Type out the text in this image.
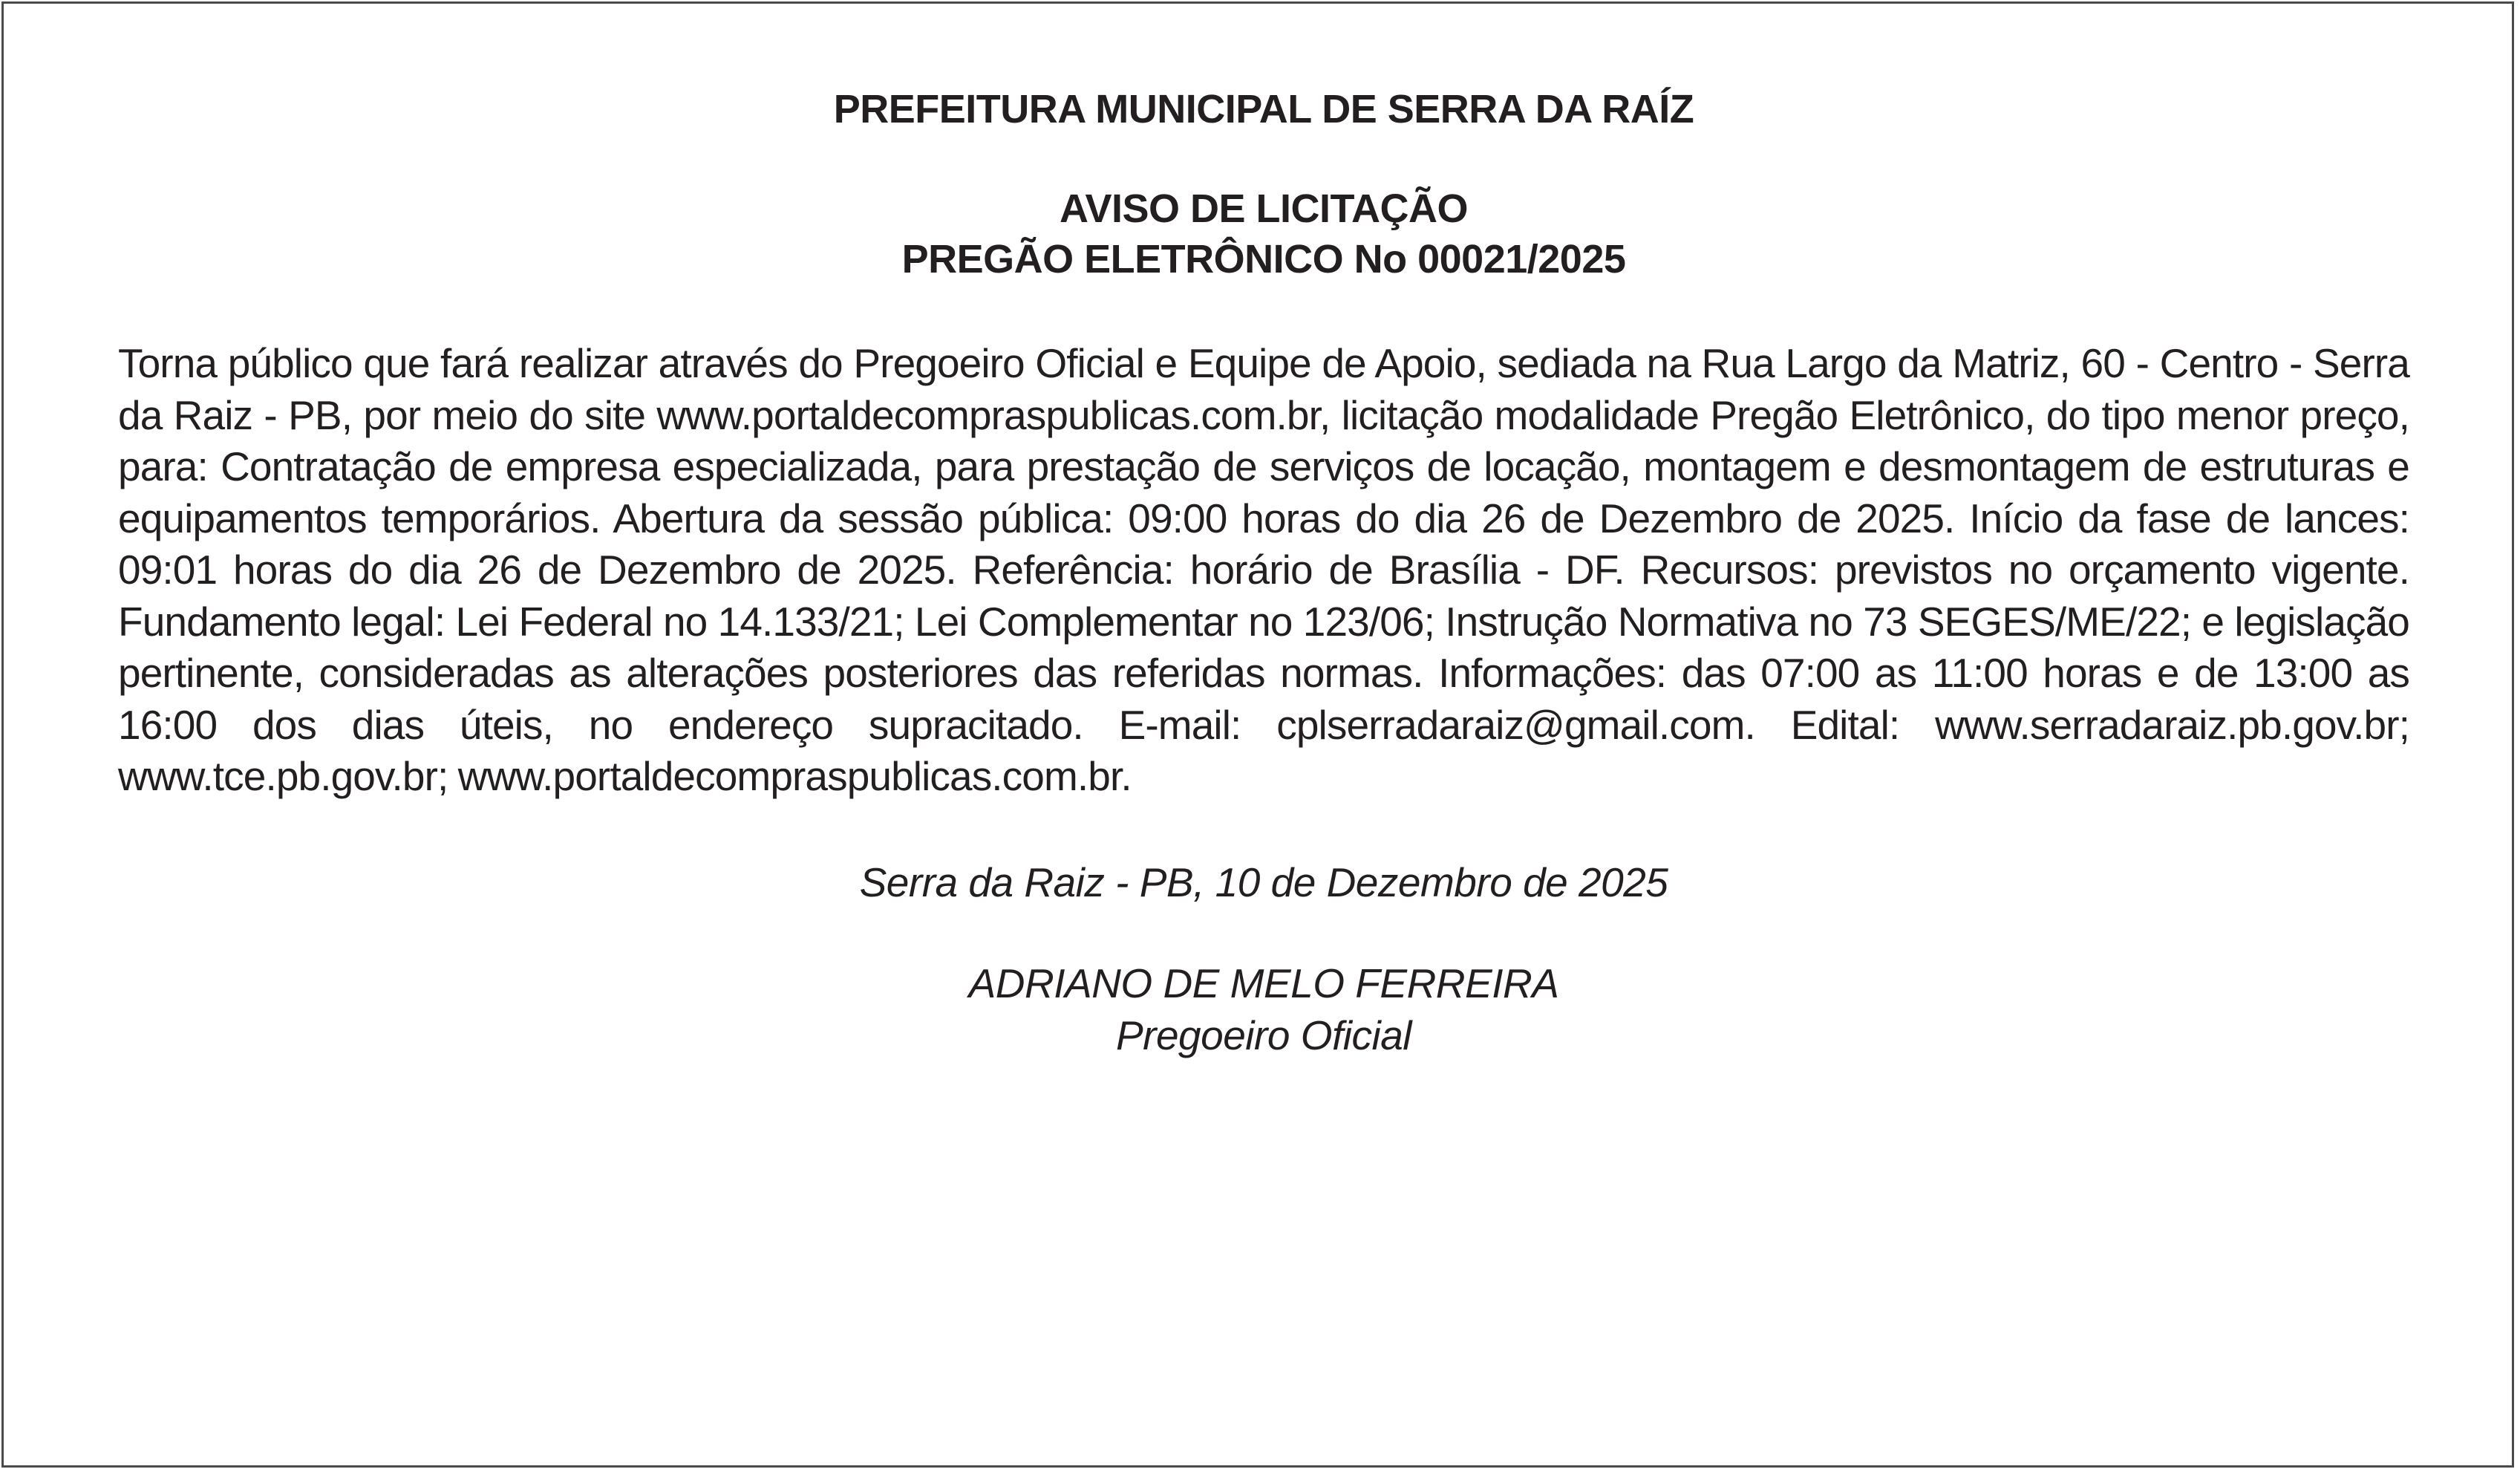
PREFEITURA MUNICIPAL DE SERRA DA RAÍZ

AVISO DE LICITAÇÃO

PREGÃO ELETRÔNICO No 00021/2025

Torna público que fará realizar através do Pregoeiro Oficial e Equipe de Apoio, sediada na Rua Largo da Matriz, 60 - Centro - Serra da Raiz - PB, por meio do site www.portaldecompraspublicas.com.br, licitação modalidade Pregão Eletrônico, do tipo menor preço, para: Contratação de empresa especializada, para prestação de serviços de locação, montagem e desmontagem de estruturas e equipamentos temporários. Abertura da sessão pública: 09:00 horas do dia 26 de Dezembro de 2025. Início da fase de lances: 09:01 horas do dia 26 de Dezembro de 2025. Referência: horário de Brasília - DF. Recursos: previstos no orçamento vigente. Fundamento legal: Lei Federal no 14.133/21; Lei Complementar no 123/06; Instrução Normativa no 73 SEGES/ME/22; e legislação pertinente, consideradas as alterações posteriores das referidas normas. Informações: das 07:00 as 11:00 horas e de 13:00 as 16:00 dos dias úteis, no endereço supracitado. E-mail: cplserradaraiz@gmail.com. Edital: www.serradaraiz.pb.gov.br; www.tce.pb.gov.br; www.portaldecompraspublicas.com.br.

Serra da Raiz - PB, 10 de Dezembro de 2025

ADRIANO DE MELO FERREIRA

Pregoeiro Oficial
